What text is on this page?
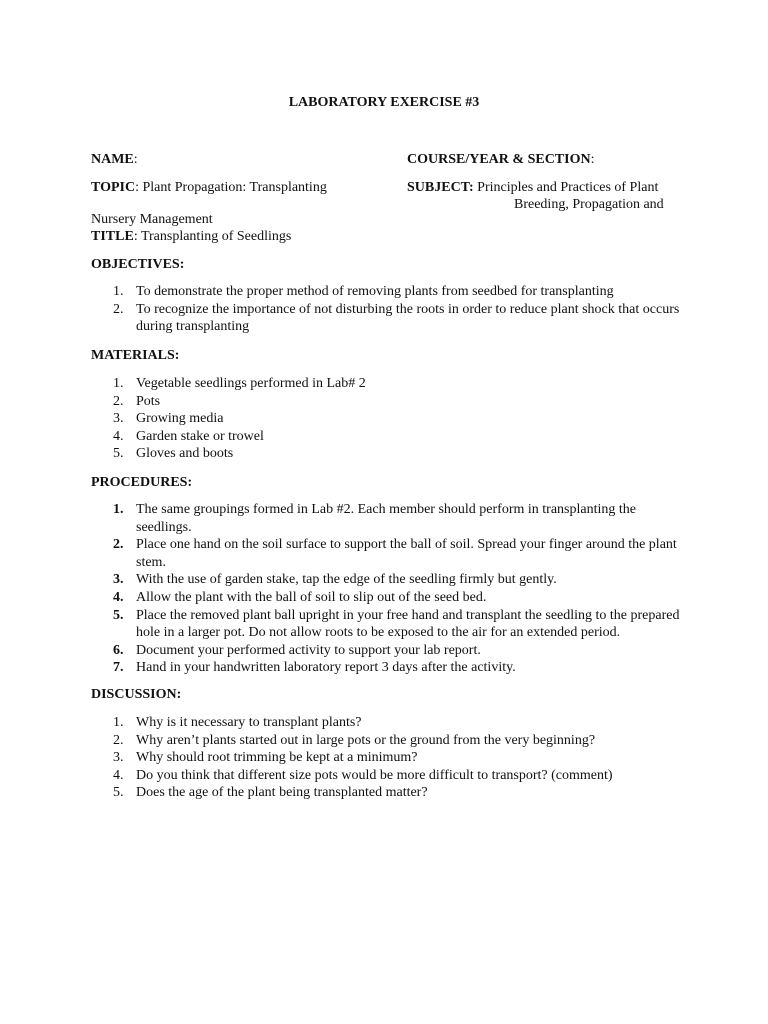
LABORATORY EXERCISE #3
NAME:	COURSE/YEAR & SECTION:
TOPIC: Plant Propagation: Transplanting	SUBJECT: Principles and Practices of Plant
Breeding, Propagation and
Nursery Management
TITLE: Transplanting of Seedlings
OBJECTIVES:
1. To demonstrate the proper method of removing plants from seedbed for transplanting
2. To recognize the importance of not disturbing the roots in order to reduce plant shock that occurs during transplanting
MATERIALS:
1. Vegetable seedlings performed in Lab# 2
2. Pots
3. Growing media
4. Garden stake or trowel
5. Gloves and boots
PROCEDURES:
1. The same groupings formed in Lab #2. Each member should perform in transplanting the seedlings.
2. Place one hand on the soil surface to support the ball of soil. Spread your finger around the plant stem.
3. With the use of garden stake, tap the edge of the seedling firmly but gently.
4. Allow the plant with the ball of soil to slip out of the seed bed.
5. Place the removed plant ball upright in your free hand and transplant the seedling to the prepared hole in a larger pot. Do not allow roots to be exposed to the air for an extended period.
6. Document your performed activity to support your lab report.
7. Hand in your handwritten laboratory report 3 days after the activity.
DISCUSSION:
1. Why is it necessary to transplant plants?
2. Why aren’t plants started out in large pots or the ground from the very beginning?
3. Why should root trimming be kept at a minimum?
4. Do you think that different size pots would be more difficult to transport? (comment)
5. Does the age of the plant being transplanted matter?
